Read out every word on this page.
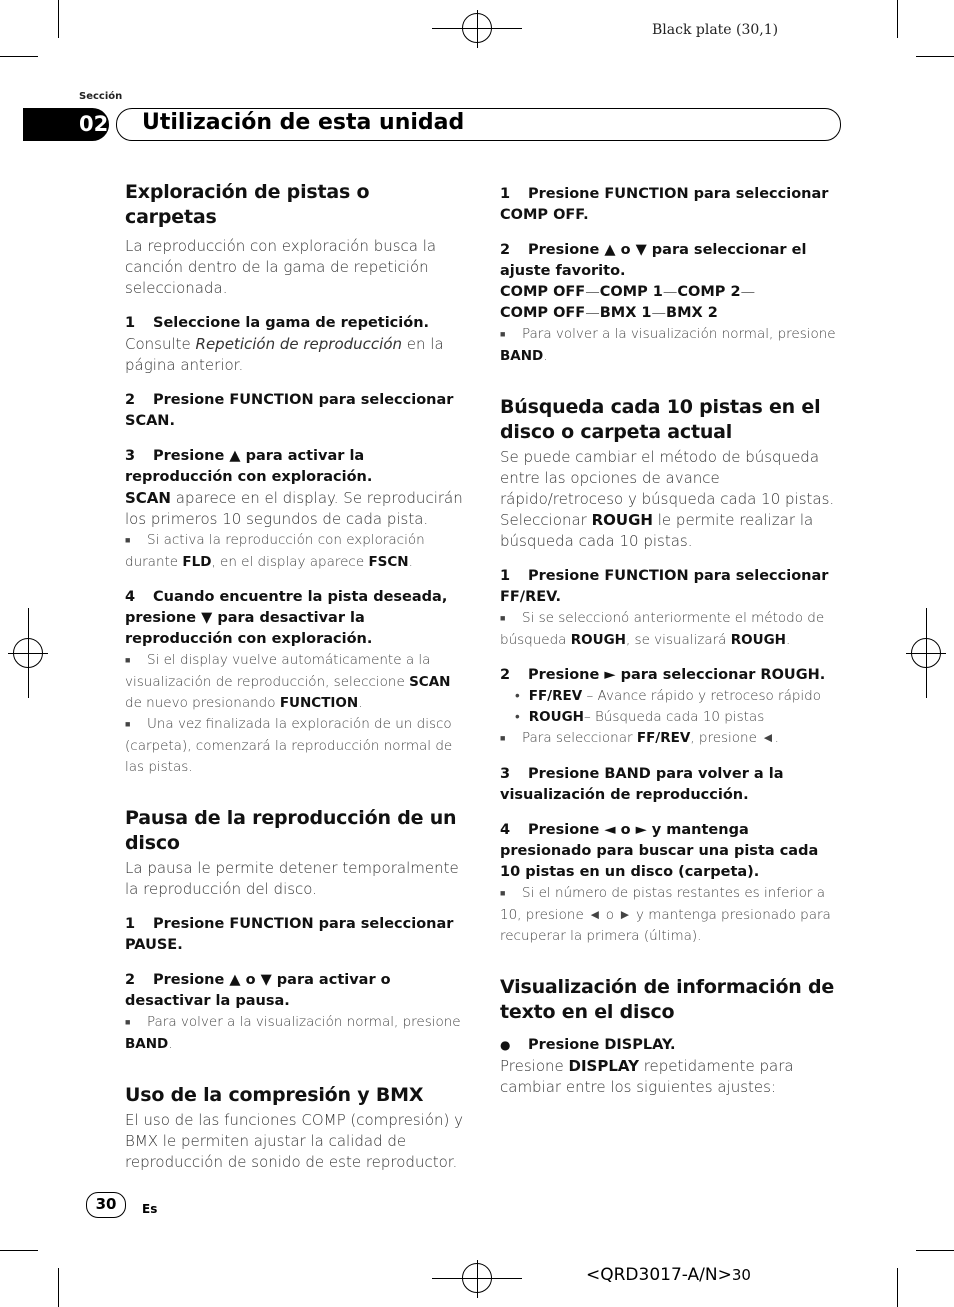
Black plate (30,1)
Sección
02 Utilización de esta unidad
Exploración de pistas o carpetas

La reproducción con exploración busca la canción dentro de la gama de repetición seleccionada.

1 Seleccione la gama de repetición.

Consulte Repetición de reproducción en la página anterior.

2 Presione FUNCTION para seleccionar SCAN.
3 Presione ▲ para activar la reproducción con exploración.

SCAN aparece en el display. Se reproducirán los primeros 10 segundos de cada pista.

■ Si activa la reproducción con exploración durante FLD, en el display aparece FSCN.

4 Cuando encuentre la pista deseada, presione ▼ para desactivar la reproducción con exploración.

■ Si el display vuelve automáticamente a la visualización de reproducción, seleccione SCAN de nuevo presionando FUNCTION.

■ Una vez finalizada la exploración de un disco (carpeta), comenzará la reproducción normal de las pistas.

Pausa de la reproducción de un disco

La pausa le permite detener temporalmente la reproducción del disco.

1 Presione FUNCTION para seleccionar PAUSE.
2 Presione ▲ o ▼ para activar o desactivar la pausa.

■ Para volver a la visualización normal, presione BAND.

Uso de la compresión y BMX

El uso de las funciones COMP (compresión) y BMX le permiten ajustar la calidad de reproducción de sonido de este reproductor.

1 Presione FUNCTION para seleccionar COMP OFF.
2 Presione ▲ o ▼ para seleccionar el ajuste favorito.
COMP OFF—COMP 1—COMP 2—
COMP OFF—BMX 1—BMX 2

■ Para volver a la visualización normal, presione BAND.

Búsqueda cada 10 pistas en el disco o carpeta actual

Se puede cambiar el método de búsqueda entre las opciones de avance rápido/retroceso y búsqueda cada 10 pistas. Seleccionar ROUGH le permite realizar la búsqueda cada 10 pistas.

1 Presione FUNCTION para seleccionar FF/REV.

■ Si se seleccionó anteriormente el método de búsqueda ROUGH, se visualizará ROUGH.

2 Presione ► para seleccionar ROUGH.

• FF/REV – Avance rápido y retroceso rápido

• ROUGH– Búsqueda cada 10 pistas

■ Para seleccionar FF/REV, presione ◄.

3 Presione BAND para volver a la visualización de reproducción.
4 Presione ◄ o ► y mantenga presionado para buscar una pista cada 10 pistas en un disco (carpeta).

■ Si el número de pistas restantes es inferior a 10, presione ◄ o ► y mantenga presionado para recuperar la primera (última).

Visualización de información de texto en el disco
● Presione DISPLAY.

Presione DISPLAY repetidamente para cambiar entre los siguientes ajustes:

30	Es
<QRD3017-A/N>30
